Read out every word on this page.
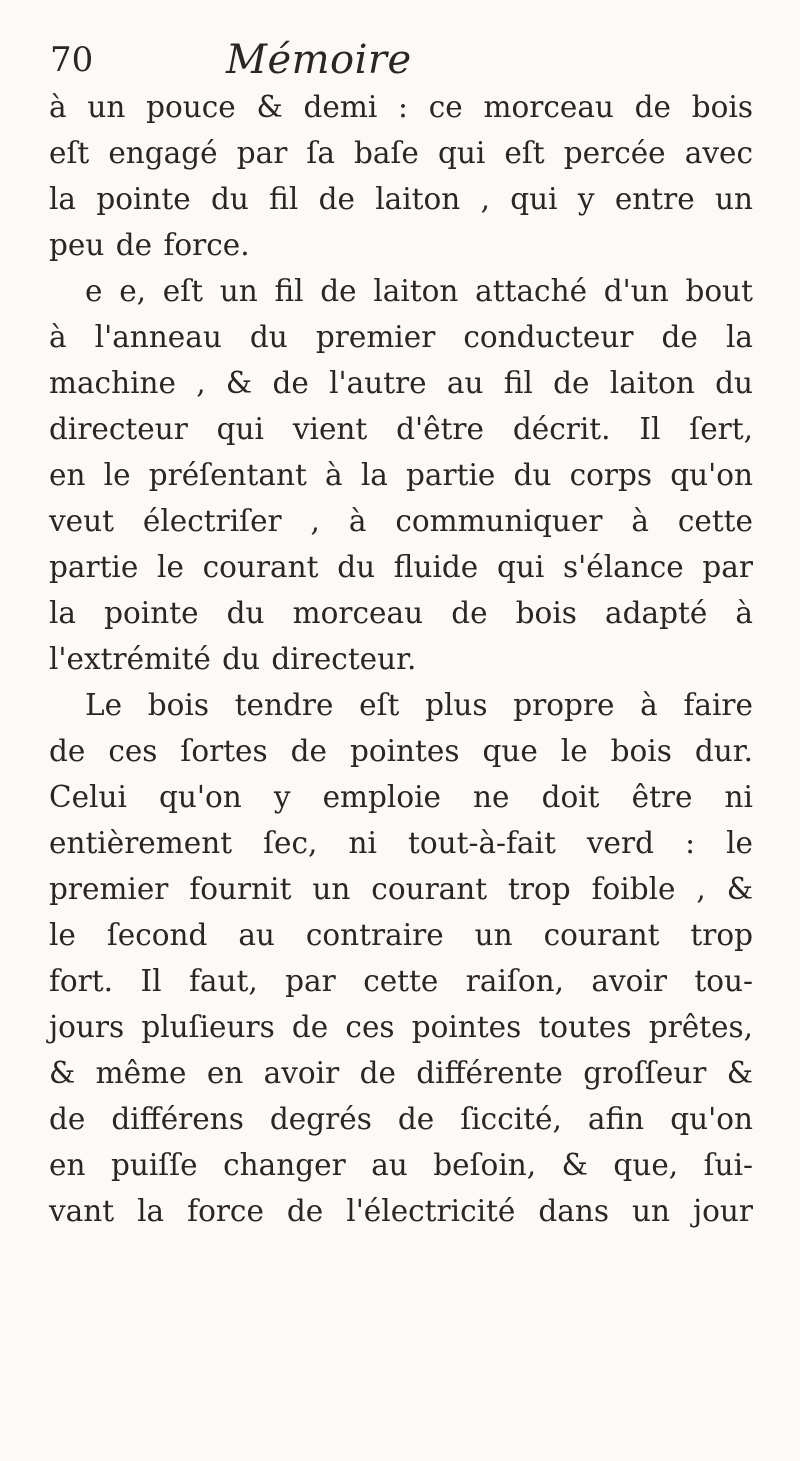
70	Mémoire
à un pouce & demi : ce morceau de bois
eſt engagé par ſa baſe qui eſt percée avec
la pointe du fil de laiton , qui y entre un
peu de force.
e e, eſt un fil de laiton attaché d'un bout
à l'anneau du premier conducteur de la
machine , & de l'autre au fil de laiton du
directeur qui vient d'être décrit. Il ſert,
en le préſentant à la partie du corps qu'on
veut électriſer , à communiquer à cette
partie le courant du fluide qui s'élance par
la pointe du morceau de bois adapté à
l'extrémité du directeur.
Le bois tendre eſt plus propre à faire
de ces ſortes de pointes que le bois dur.
Celui qu'on y emploie ne doit être ni
entièrement ſec, ni tout-à-fait verd : le
premier fournit un courant trop foible , &
le ſecond au contraire un courant trop
fort. Il faut, par cette raiſon, avoir tou-
jours pluſieurs de ces pointes toutes prêtes,
& même en avoir de différente groſſeur &
de différens degrés de ſiccité, afin qu'on
en puiſſe changer au beſoin, & que, ſui-
vant la force de l'électricité dans un jour
